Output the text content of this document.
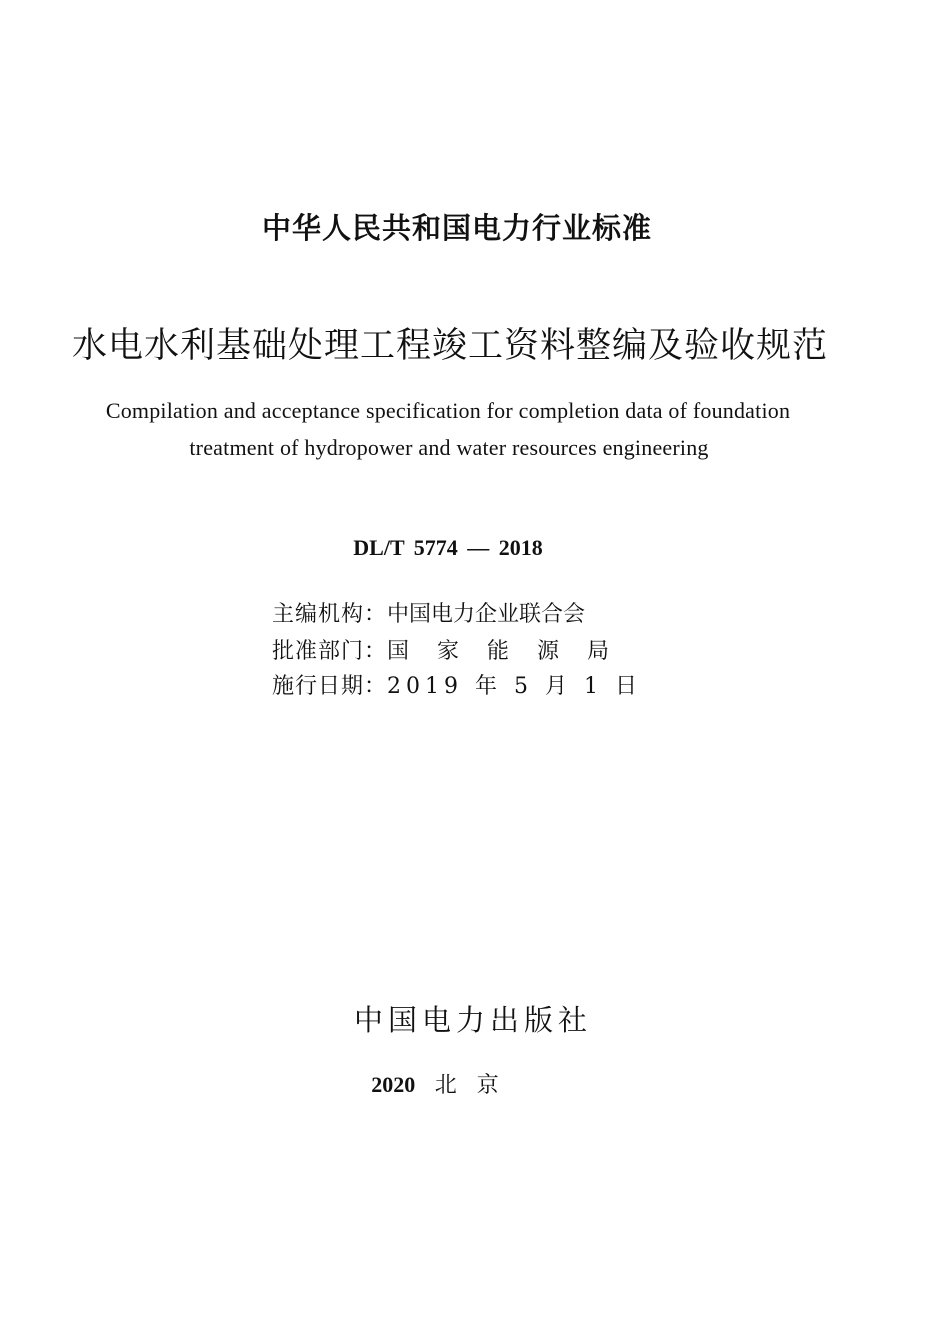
中华人民共和国电力行业标准
水电水利基础处理工程竣工资料整编及验收规范
Compilation and acceptance specification for completion data of foundation
treatment of hydropower and water resources engineering
DL/T 5774 — 2018
主编机构：中国电力企业联合会
批准部门：国家能源局
施行日期：2019 年 5 月 1 日
中国电力出版社
2020 北京
